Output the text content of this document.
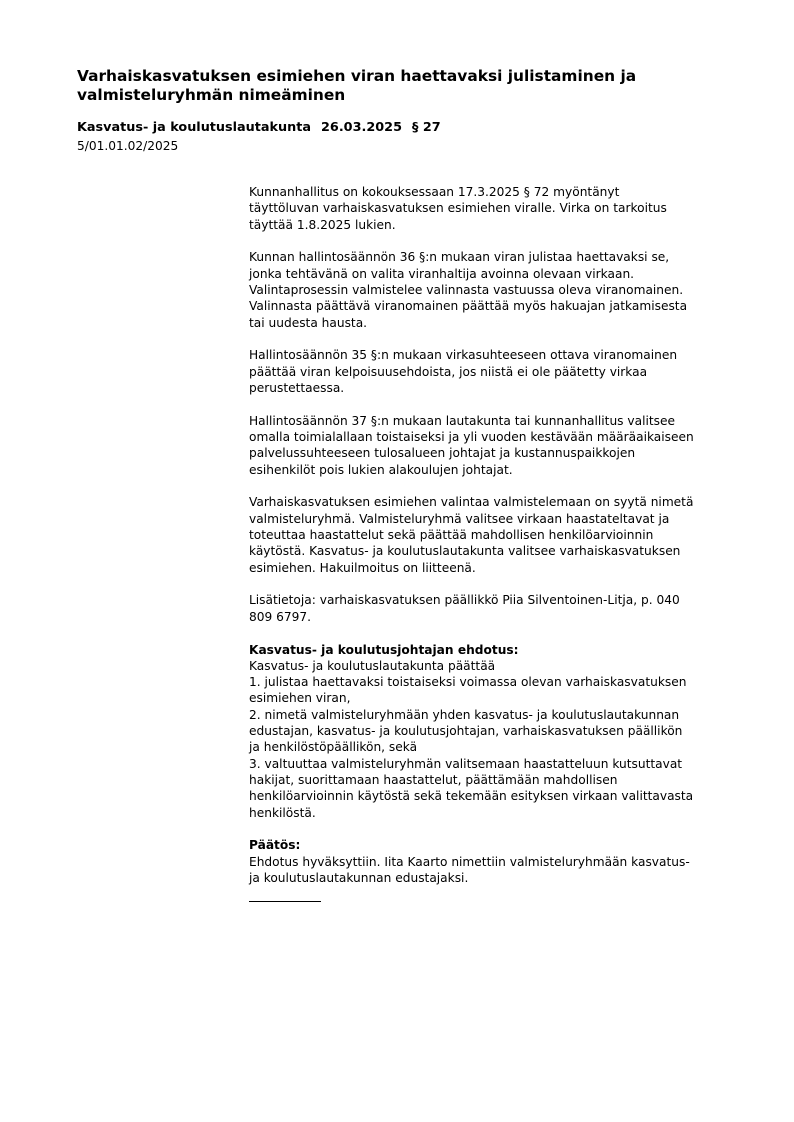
Varhaiskasvatuksen esimiehen viran haettavaksi julistaminen ja
valmisteluryhmän nimeäminen
Kasvatus- ja koulutuslautakunta 26.03.2025 § 27
5/01.01.02/2025

Kunnanhallitus on kokouksessaan 17.3.2025 § 72 myöntänyt
täyttöluvan varhaiskasvatuksen esimiehen viralle. Virka on tarkoitus
täyttää 1.8.2025 lukien.

Kunnan hallintosäännön 36 §:n mukaan viran julistaa haettavaksi se,
jonka tehtävänä on valita viranhaltija avoinna olevaan virkaan.
Valintaprosessin valmistelee valinnasta vastuussa oleva viranomainen.
Valinnasta päättävä viranomainen päättää myös hakuajan jatkamisesta
tai uudesta hausta.

Hallintosäännön 35 §:n mukaan virkasuhteeseen ottava viranomainen
päättää viran kelpoisuusehdoista, jos niistä ei ole päätetty virkaa
perustettaessa.

Hallintosäännön 37 §:n mukaan lautakunta tai kunnanhallitus valitsee
omalla toimialallaan toistaiseksi ja yli vuoden kestävään määräaikaiseen
palvelussuhteeseen tulosalueen johtajat ja kustannuspaikkojen
esihenkilöt pois lukien alakoulujen johtajat.

Varhaiskasvatuksen esimiehen valintaa valmistelemaan on syytä nimetä
valmisteluryhmä. Valmisteluryhmä valitsee virkaan haastateltavat ja
toteuttaa haastattelut sekä päättää mahdollisen henkilöarvioinnin
käytöstä. Kasvatus- ja koulutuslautakunta valitsee varhaiskasvatuksen
esimiehen. Hakuilmoitus on liitteenä.

Lisätietoja: varhaiskasvatuksen päällikkö Piia Silventoinen-Litja, p. 040
809 6797.

Kasvatus- ja koulutusjohtajan ehdotus:
Kasvatus- ja koulutuslautakunta päättää
1. julistaa haettavaksi toistaiseksi voimassa olevan varhaiskasvatuksen
esimiehen viran,
2. nimetä valmisteluryhmään yhden kasvatus- ja koulutuslautakunnan
edustajan, kasvatus- ja koulutusjohtajan, varhaiskasvatuksen päällikön
ja henkilöstöpäällikön, sekä
3. valtuuttaa valmisteluryhmän valitsemaan haastatteluun kutsuttavat
hakijat, suorittamaan haastattelut, päättämään mahdollisen
henkilöarvioinnin käytöstä sekä tekemään esityksen virkaan valittavasta
henkilöstä.

Päätös:
Ehdotus hyväksyttiin. Iita Kaarto nimettiin valmisteluryhmään kasvatus-
ja koulutuslautakunnan edustajaksi.
